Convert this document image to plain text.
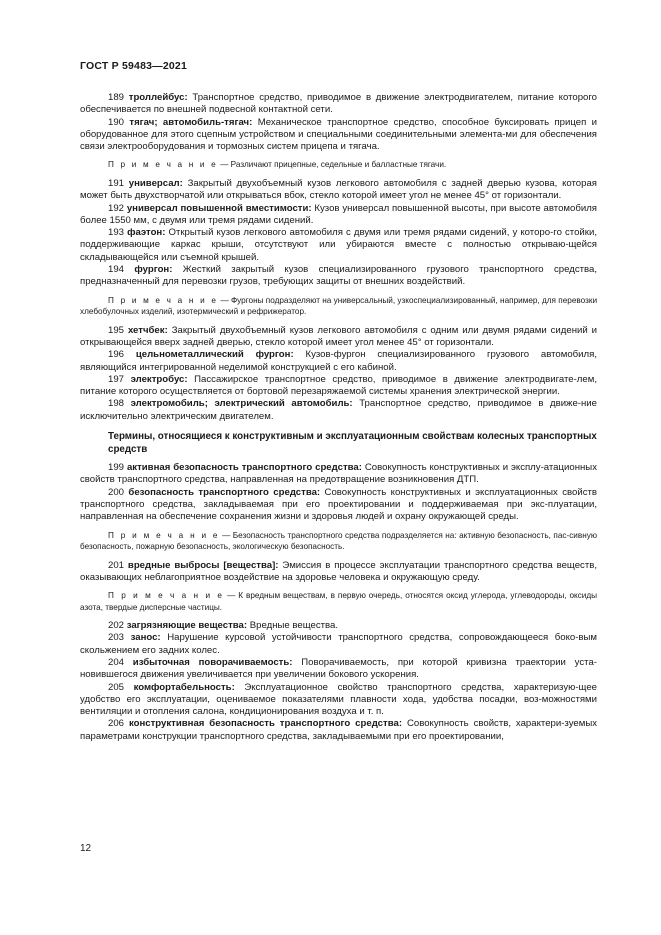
ГОСТ Р 59483—2021

189 троллейбус: Транспортное средство, приводимое в движение электродвигателем, питание которого обеспечивается по внешней подвесной контактной сети.

190 тягач; автомобиль-тягач: Механическое транспортное средство, способное буксировать прицеп и оборудованное для этого сцепным устройством и специальными соединительными элемента-ми для обеспечения связи электрооборудования и тормозных систем прицепа и тягача.

П р и м е ч а н и е — Различают прицепные, седельные и балластные тягачи.

191 универсал: Закрытый двухобъемный кузов легкового автомобиля с задней дверью кузова, которая может быть двухстворчатой или открываться вбок, стекло которой имеет угол не менее 45° от горизонтали.

192 универсал повышенной вместимости: Кузов универсал повышенной высоты, при высоте автомобиля более 1550 мм, с двумя или тремя рядами сидений.

193 фаэтон: Открытый кузов легкового автомобиля с двумя или тремя рядами сидений, у которо-го стойки, поддерживающие каркас крыши, отсутствуют или убираются вместе с полностью открываю-щейся складывающейся или съемной крышей.

194 фургон: Жесткий закрытый кузов специализированного грузового транспортного средства, предназначенный для перевозки грузов, требующих защиты от внешних воздействий.

П р и м е ч а н и е — Фургоны подразделяют на универсальный, узкоспециализированный, например, для перевозки хлебобулочных изделий, изотермический и рефрижератор.

195 хетчбек: Закрытый двухобъемный кузов легкового автомобиля с одним или двумя рядами сидений и открывающейся вверх задней дверью, стекло которой имеет угол менее 45° от горизонтали.

196 цельнометаллический фургон: Кузов-фургон специализированного грузового автомобиля, являющийся интегрированной неделимой конструкцией с его кабиной.

197 электробус: Пассажирское транспортное средство, приводимое в движение электродвигате-лем, питание которого осуществляется от бортовой перезаряжаемой системы хранения электрической энергии.

198 электромобиль; электрический автомобиль: Транспортное средство, приводимое в движе-ние исключительно электрическим двигателем.

Термины, относящиеся к конструктивным и эксплуатационным свойствам колесных транспортных средств

199 активная безопасность транспортного средства: Совокупность конструктивных и эксплу-атационных свойств транспортного средства, направленная на предотвращение возникновения ДТП.

200 безопасность транспортного средства: Совокупность конструктивных и эксплуатационных свойств транспортного средства, закладываемая при его проектировании и поддерживаемая при экс-плуатации, направленная на обеспечение сохранения жизни и здоровья людей и охрану окружающей среды.

П р и м е ч а н и е — Безопасность транспортного средства подразделяется на: активную безопасность, пас-сивную безопасность, пожарную безопасность, экологическую безопасность.

201 вредные выбросы [вещества]: Эмиссия в процессе эксплуатации транспортного средства веществ, оказывающих неблагоприятное воздействие на здоровье человека и окружающую среду.

П р и м е ч а н и е — К вредным веществам, в первую очередь, относятся оксид углерода, углеводороды, оксиды азота, твердые дисперсные частицы.

202 загрязняющие вещества: Вредные вещества.

203 занос: Нарушение курсовой устойчивости транспортного средства, сопровождающееся боко-вым скольжением его задних колес.

204 избыточная поворачиваемость: Поворачиваемость, при которой кривизна траектории уста-новившегося движения увеличивается при увеличении бокового ускорения.

205 комфортабельность: Эксплуатационное свойство транспортного средства, характеризую-щее удобство его эксплуатации, оцениваемое показателями плавности хода, удобства посадки, воз-можностями вентиляции и отопления салона, кондиционирования воздуха и т. п.

206 конструктивная безопасность транспортного средства: Совокупность свойств, характери-зуемых параметрами конструкции транспортного средства, закладываемыми при его проектировании,

12
